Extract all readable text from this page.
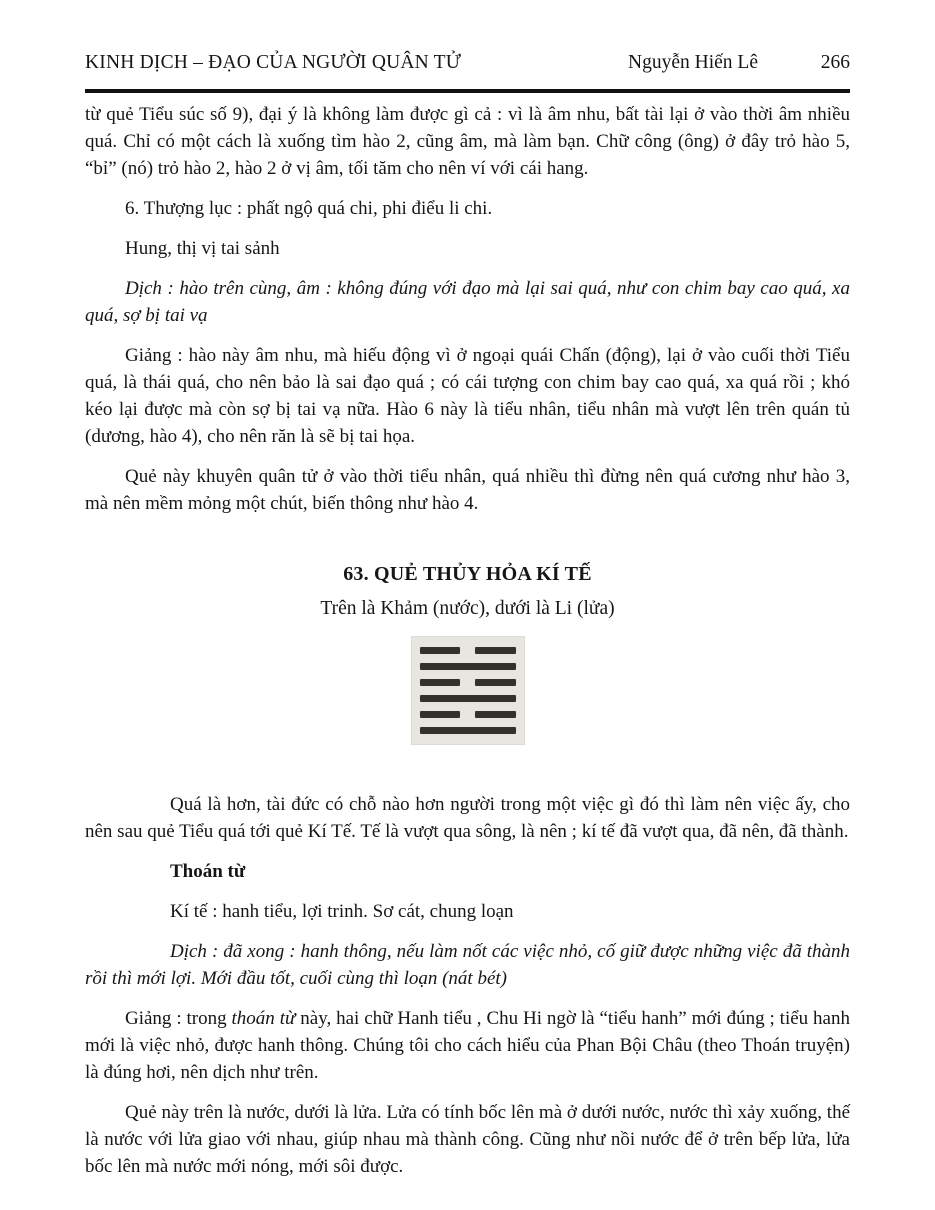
KINH DỊCH – ĐẠO CỦA NGƯỜI QUÂN TỬ	Nguyễn Hiến Lê	266

từ quẻ Tiểu súc số 9), đại ý là không làm được gì cả : vì là âm nhu, bất tài lại ở vào thời âm nhiều quá. Chỉ có một cách là xuống tìm hào 2, cũng âm, mà làm bạn. Chữ công (ông) ở đây trỏ hào 5, “bỉ” (nó) trỏ hào 2, hào 2 ở vị âm, tối tăm cho nên ví với cái hang.

6. Thượng lục : phất ngộ quá chi, phi điểu li chi.

Hung, thị vị tai sảnh

Dịch : hào trên cùng, âm : không đúng với đạo mà lại sai quá, như con chim bay cao quá, xa quá, sợ bị tai vạ

Giảng : hào này âm nhu, mà hiếu động vì ở ngoại quái Chấn (động), lại ở vào cuối thời Tiểu quá, là thái quá, cho nên bảo là sai đạo quá ; có cái tượng con chim bay cao quá, xa quá rồi ; khó kéo lại được mà còn sợ bị tai vạ nữa. Hào 6 này là tiểu nhân, tiểu nhân mà vượt lên trên quán tủ (dương, hào 4), cho nên răn là sẽ bị tai họa.

Quẻ này khuyên quân tử ở vào thời tiểu nhân, quá nhiều thì đừng nên quá cương như hào 3, mà nên mềm mỏng một chút, biến thông như hào 4.

63. QUẺ THỦY HỎA KÍ TẾ

Trên là Khảm (nước), dưới là Li (lửa)

Quá là hơn, tài đức có chỗ nào hơn người trong một việc gì đó thì làm nên việc ấy, cho nên sau quẻ Tiểu quá tới quẻ Kí Tế. Tế là vượt qua sông, là nên ; kí tế đã vượt qua, đã nên, đã thành.

Thoán từ

Kí tế : hanh tiểu, lợi trinh. Sơ cát, chung loạn

Dịch : đã xong : hanh thông, nếu làm nốt các việc nhỏ, cố giữ được những việc đã thành rồi thì mới lợi. Mới đầu tốt, cuối cùng thì loạn (nát bét)

Giảng : trong thoán từ này, hai chữ Hanh tiểu , Chu Hi ngờ là “tiểu hanh” mới đúng ; tiểu hanh mới là việc nhỏ, được hanh thông. Chúng tôi cho cách hiểu của Phan Bội Châu (theo Thoán truyện) là đúng hơi, nên dịch như trên.

Quẻ này trên là nước, dưới là lửa. Lửa có tính bốc lên mà ở dưới nước, nước thì xảy xuống, thế là nước với lửa giao với nhau, giúp nhau mà thành công. Cũng như nồi nước để ở trên bếp lửa, lửa bốc lên mà nước mới nóng, mới sôi được.
